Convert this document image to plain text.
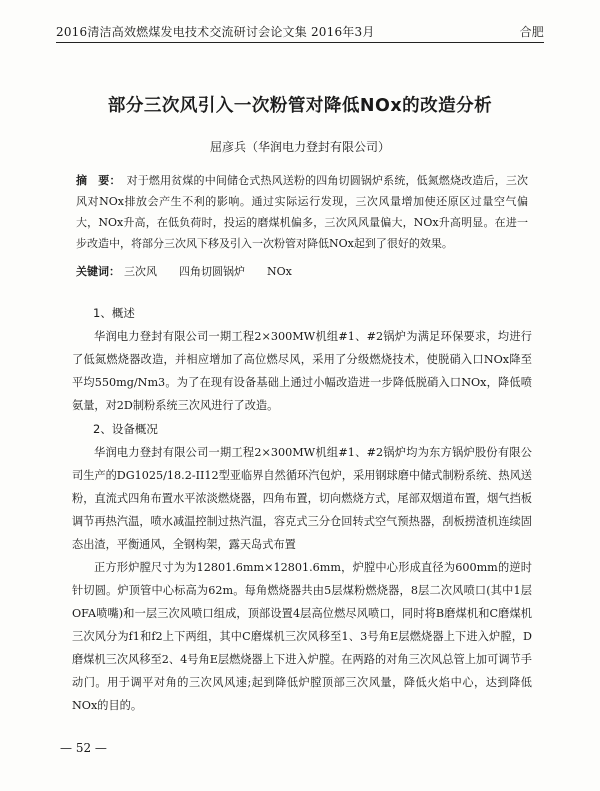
2016清洁高效燃煤发电技术交流研讨会论文集 2016年3月	合肥
部分三次风引入一次粉管对降低NOx的改造分析
屈彦兵（华润电力登封有限公司）
摘　要： 对于燃用贫煤的中间储仓式热风送粉的四角切圆锅炉系统，低氮燃烧改造后，三次风对NOx排放会产生不利的影响。通过实际运行发现，三次风量增加使还原区过量空气偏大，NOx升高，在低负荷时，投运的磨煤机偏多，三次风风量偏大，NOx升高明显。在进一步改造中，将部分三次风下移及引入一次粉管对降低NOx起到了很好的效果。
关键词： 三次风 四角切圆锅炉 NOx
1、概述
华润电力登封有限公司一期工程2×300MW机组#1、#2锅炉为满足环保要求，均进行了低氮燃烧器改造，并相应增加了高位燃尽风，采用了分级燃烧技术，使脱硝入口NOx降至平均550mg/Nm3。为了在现有设备基础上通过小幅改造进一步降低脱硝入口NOx，降低喷氨量，对2D制粉系统三次风进行了改造。
2、设备概况
华润电力登封有限公司一期工程2×300MW机组#1、#2锅炉均为东方锅炉股份有限公司生产的DG1025/18.2-II12型亚临界自然循环汽包炉，采用钢球磨中储式制粉系统、热风送粉，直流式四角布置水平浓淡燃烧器，四角布置，切向燃烧方式，尾部双烟道布置，烟气挡板调节再热汽温，喷水减温控制过热汽温，容克式三分仓回转式空气预热器，刮板捞渣机连续固态出渣，平衡通风，全钢构架，露天岛式布置
正方形炉膛尺寸为为12801.6mm×12801.6mm，炉膛中心形成直径为600mm的逆时针切圆。炉顶管中心标高为62m。每角燃烧器共由5层煤粉燃烧器，8层二次风喷口(其中1层OFA喷嘴)和一层三次风喷口组成，顶部设置4层高位燃尽风喷口，同时将B磨煤机和C磨煤机三次风分为f1和f2上下两组，其中C磨煤机三次风移至1、3号角E层燃烧器上下进入炉膛，D磨煤机三次风移至2、4号角E层燃烧器上下进入炉膛。在两路的对角三次风总管上加可调节手动门。用于调平对角的三次风风速;起到降低炉膛顶部三次风量，降低火焰中心，达到降低NOx的目的。
— 52 —
